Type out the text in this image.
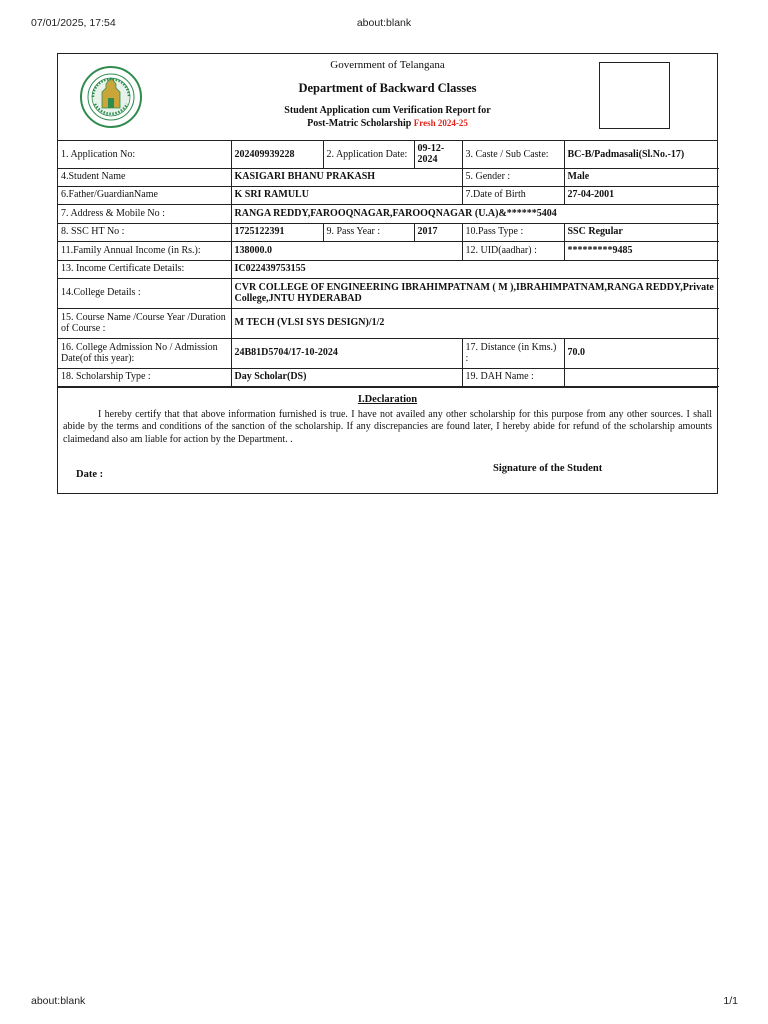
07/01/2025, 17:54	about:blank
Government of Telangana
Department of Backward Classes
Student Application cum Verification Report for
Post-Matric Scholarship Fresh 2024-25
1. Application No:	202409939228	2. Application Date:	09-12-2024	3. Caste / Sub Caste:	BC-B/Padmasali(Sl.No.-17)
4.Student Name	KASIGARI BHANU PRAKASH			5. Gender :	Male
6.Father/GuardianName	K SRI RAMULU			7.Date of Birth	27-04-2001
7. Address & Mobile No :	RANGA REDDY,FAROOQNAGAR,FAROOQNAGAR (U.A)&******5404				
8. SSC HT No :	1725122391	9. Pass Year :	2017	10.Pass Type :	SSC Regular
11.Family Annual Income (in Rs.):	138000.0			12. UID(aadhar) :	*********9485
13. Income Certificate Details:	IC022439753155				
14.College Details :	CVR COLLEGE OF ENGINEERING IBRAHIMPATNAM ( M ),IBRAHIMPATNAM,RANGA REDDY,Private College,JNTU HYDERABAD				
15. Course Name /Course Year /Duration of Course :	M TECH (VLSI SYS DESIGN)/1/2				
16. College Admission No / Admission Date(of this year):	24B81D5704/17-10-2024			17. Distance (in Kms.) :	70.0
18. Scholarship Type :	Day Scholar(DS)			19. DAH Name :	
I.Declaration
I hereby certify that that above information furnished is true. I have not availed any other scholarship for this purpose from any other sources. I shall abide by the terms and conditions of the sanction of the scholarship. If any discrepancies are found later, I hereby abide for refund of the scholarship amounts claimedand also am liable for action by the Department. .
Date :
Signature of the Student
about:blank	1/1
